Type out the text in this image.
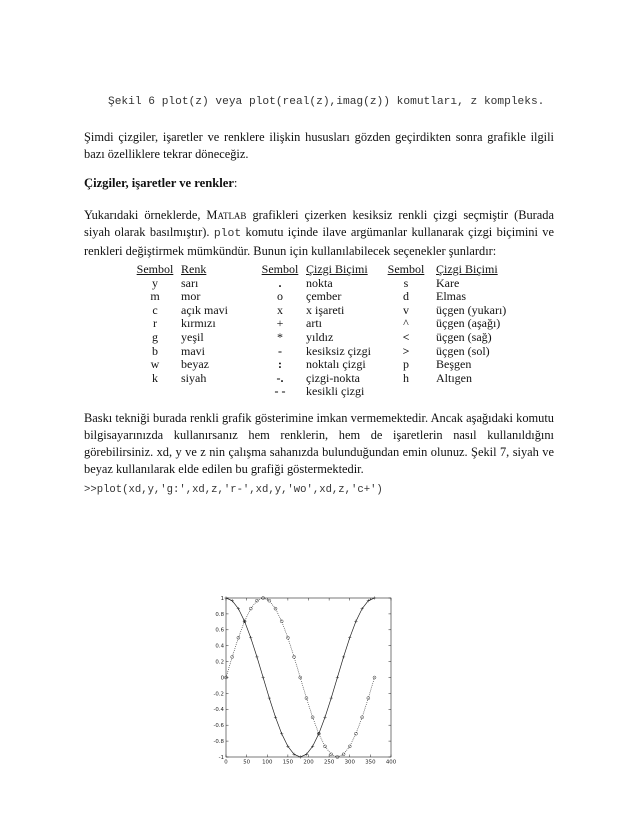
Şekil 6 plot(z) veya plot(real(z),imag(z)) komutları, z kompleks.
Şimdi çizgiler, işaretler ve renklere ilişkin hususları gözden geçirdikten sonra grafikle ilgili bazı özelliklere tekrar döneceğiz.
Çizgiler, işaretler ve renkler:
Yukarıdaki örneklerde, Matlab grafikleri çizerken kesiksiz renkli çizgi seçmiştir (Burada siyah olarak basılmıştır). plot komutu içinde ilave argümanlar kullanarak çizgi biçimini ve renkleri değiştirmek mümkündür. Bunun için kullanılabilecek seçenekler şunlardır:
Sembol
y
m
c
r
g
b
w
k
Renk
sarı
mor
açık mavi
kırmızı
yeşil
mavi
beyaz
siyah
Sembol
.
o
x
+
*
-
:
-.
- -
Çizgi Biçimi
nokta
çember
x işareti
artı
yıldız
kesiksiz çizgi
noktalı çizgi
çizgi-nokta
kesikli çizgi
Sembol
s
d
v
^
<
>
p
h
Çizgi Biçimi
Kare
Elmas
üçgen (yukarı)
üçgen (aşağı)
üçgen (sağ)
üçgen (sol)
Beşgen
Altıgen
Baskı tekniği burada renkli grafik gösterimine imkan vermemektedir. Ancak aşağıdaki komutu bilgisayarınızda kullanırsanız hem renklerin, hem de işaretlerin nasıl kullanıldığını görebilirsiniz. xd, y ve z nin çalışma sahanızda bulunduğundan emin olunuz. Şekil 7, siyah ve beyaz kullanılarak elde edilen bu grafiği göstermektedir.
>>plot(xd,y,'g:',xd,z,'r-',xd,y,'wo',xd,z,'c+')
0	50 100 150 200 250 300 350 400
-1
-0.8
-0.6
-0.4
-0.2
0
0.2
0.4
0.6
0.8
1
